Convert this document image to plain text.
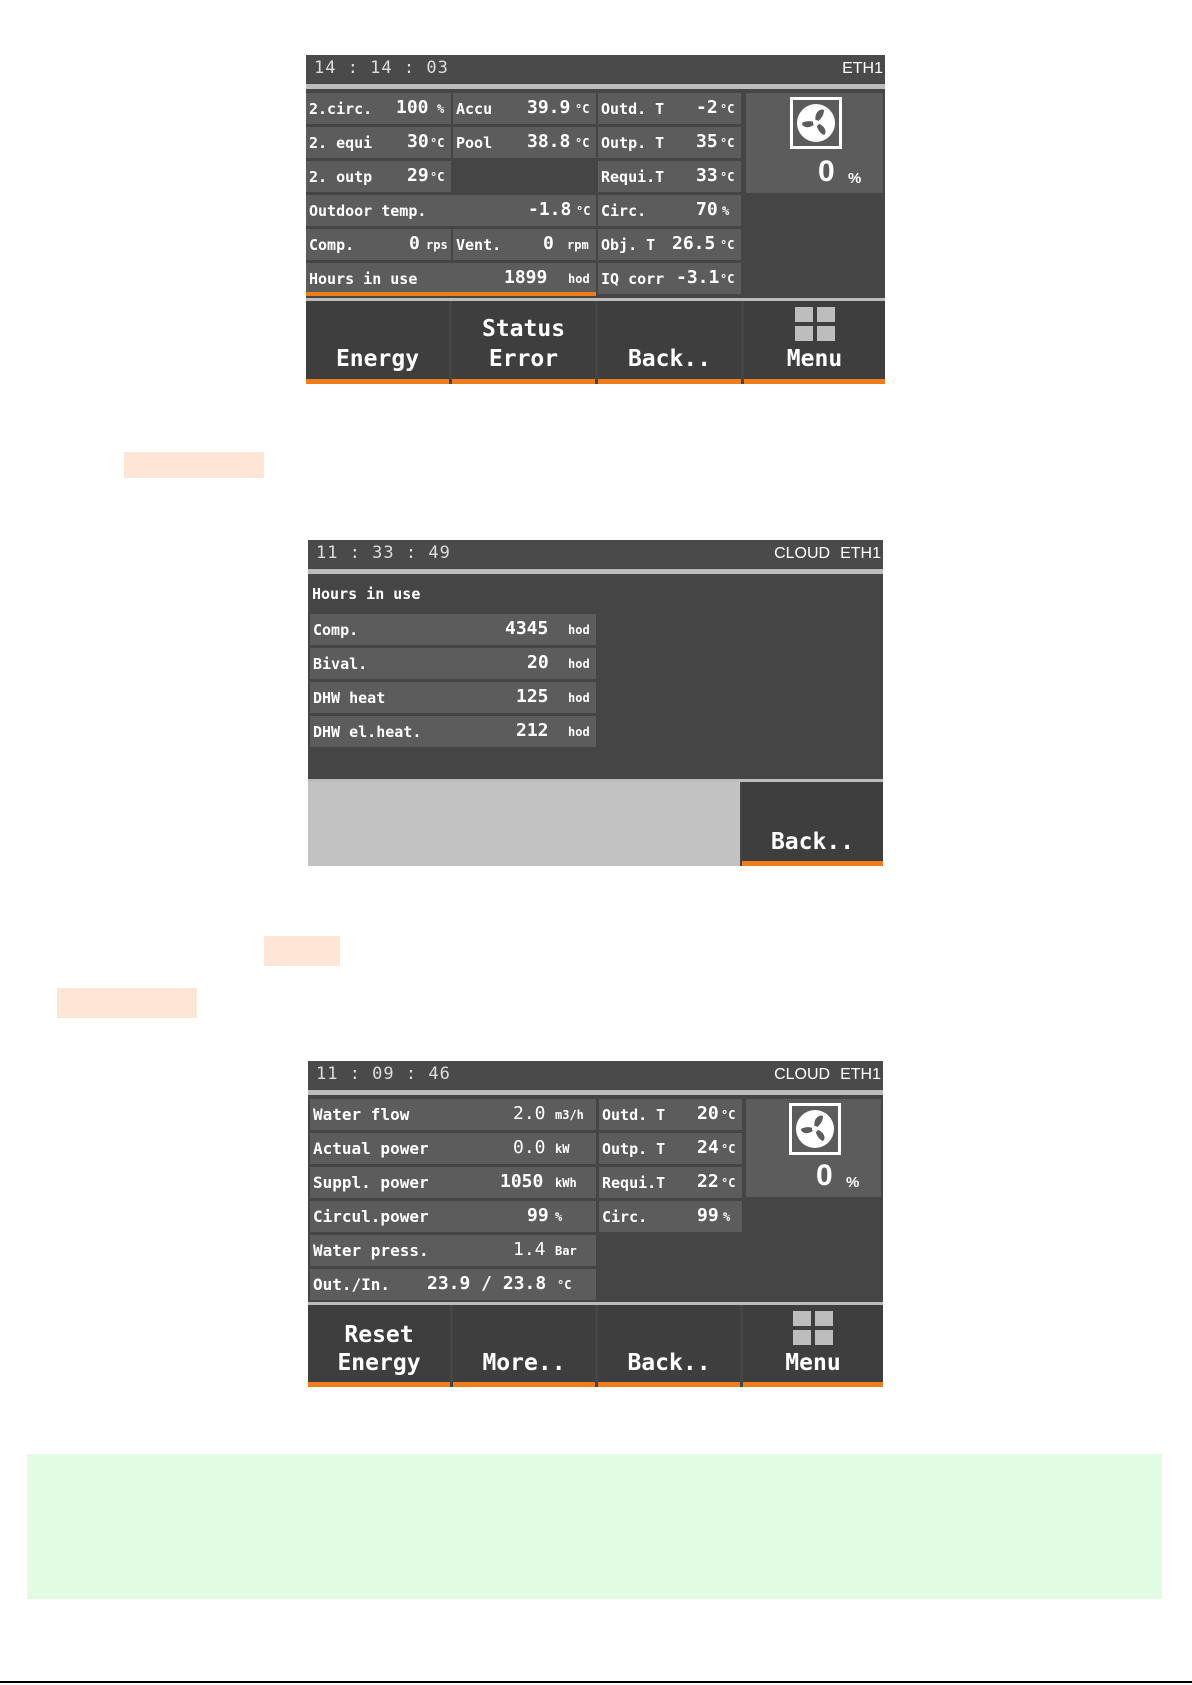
14 : 14 : 03	ETH1
2.circ. 100 % Accu 39.9 °C Outd. T -2 °C
2. equi 30 °C Pool 38.8 °C Outp. T 35 °C
2. outp 29 °C	Requi.T 33 °C
Outdoor temp.	-1.8 °C Circ.	70 %
Comp.	0 rps Vent. 0 rpm Obj. T 26.5 °C
Hours in use	1899 hod IQ corr -3.1 °C
0 %
Energy
Status
Error	Back..	Menu
11 : 33 : 49	CLOUD ETH1
Hours in use
Comp.	4345 hod
Bival.	20 hod
DHW heat	125 hod
DHW el.heat.	212 hod
Back..
11 : 09 : 46	CLOUD ETH1
Water flow	2.0 m3/h
Actual power	0.0 kW
Suppl. power	1050 kWh
Circul.power	99 %
Water press.	1.4 Bar
Out./In. 23.9 / 23.8 °C
Outd. T 20 °C
Outp. T 24 °C
Requi.T 22 °C
Circ.	99 %
0 %
Reset
Energy	More..	Back..	Menu
